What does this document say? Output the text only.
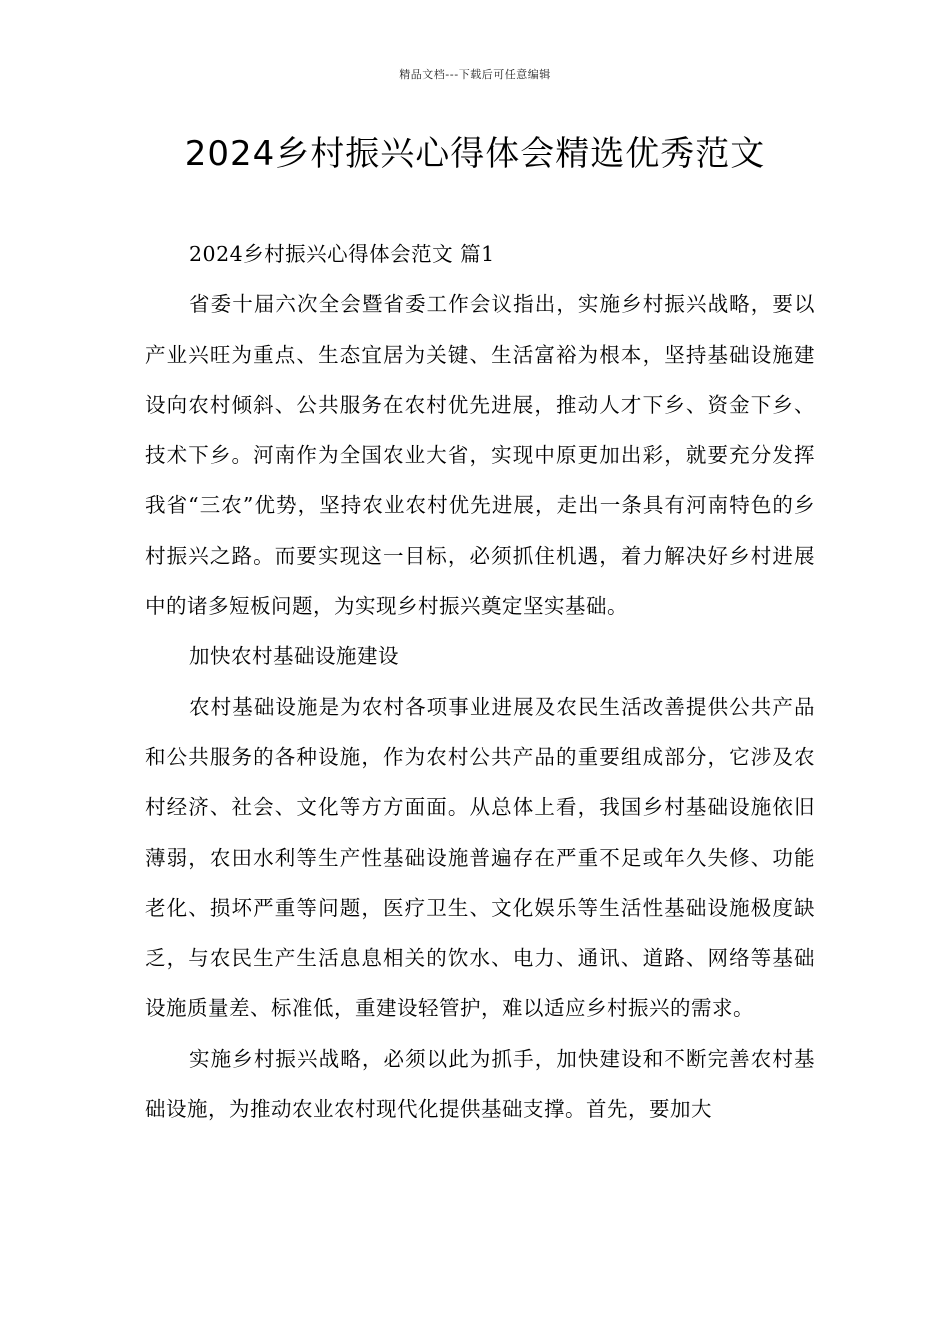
精品文档---下载后可任意编辑
2024乡村振兴心得体会精选优秀范文

2024乡村振兴心得体会范文 篇1

省委十届六次全会暨省委工作会议指出，实施乡村振兴战略，要以产业兴旺为重点、生态宜居为关键、生活富裕为根本，坚持基础设施建设向农村倾斜、公共服务在农村优先进展，推动人才下乡、资金下乡、技术下乡。河南作为全国农业大省，实现中原更加出彩，就要充分发挥我省“三农”优势，坚持农业农村优先进展，走出一条具有河南特色的乡村振兴之路。而要实现这一目标，必须抓住机遇，着力解决好乡村进展中的诸多短板问题，为实现乡村振兴奠定坚实基础。

加快农村基础设施建设

农村基础设施是为农村各项事业进展及农民生活改善提供公共产品和公共服务的各种设施，作为农村公共产品的重要组成部分，它涉及农村经济、社会、文化等方方面面。从总体上看，我国乡村基础设施依旧薄弱，农田水利等生产性基础设施普遍存在严重不足或年久失修、功能老化、损坏严重等问题，医疗卫生、文化娱乐等生活性基础设施极度缺乏，与农民生产生活息息相关的饮水、电力、通讯、道路、网络等基础设施质量差、标准低，重建设轻管护，难以适应乡村振兴的需求。

实施乡村振兴战略，必须以此为抓手，加快建设和不断完善农村基础设施，为推动农业农村现代化提供基础支撑。首先，要加大
